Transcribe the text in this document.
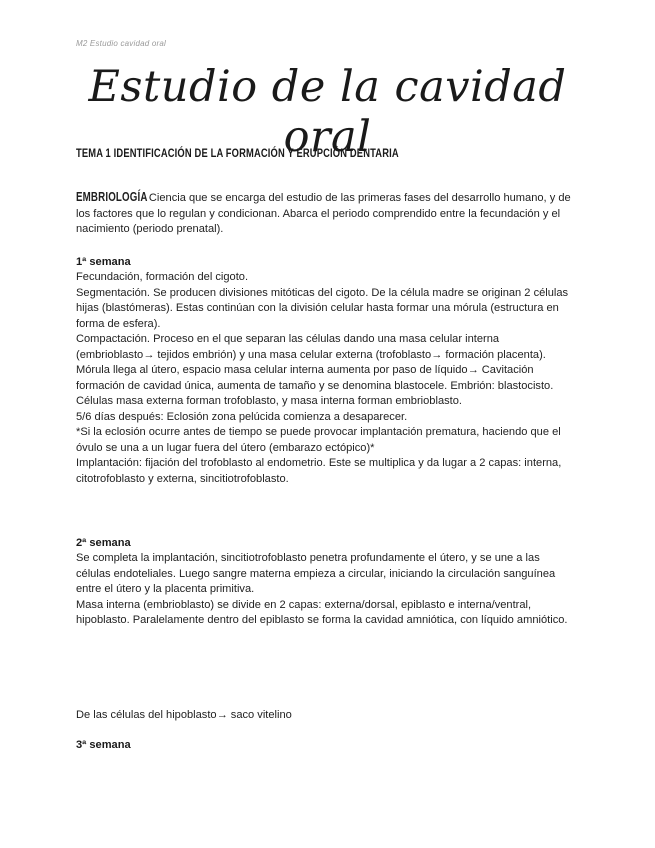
M2 Estudio cavidad oral
Estudio de la cavidad oral
TEMA 1 IDENTIFICACIÓN DE LA FORMACIÓN Y ERUPCIÓN DENTARIA
EMBRIOLOGÍA Ciencia que se encarga del estudio de las primeras fases del desarrollo humano, y de los factores que lo regulan y condicionan. Abarca el periodo comprendido entre la fecundación y el nacimiento (periodo prenatal).
1ª semana

Fecundación, formación del cigoto.

Segmentación. Se producen divisiones mitóticas del cigoto. De la célula madre se originan 2 células hijas (blastómeras). Estas continúan con la división celular hasta formar una mórula (estructura en forma de esfera).

Compactación. Proceso en el que separan las células dando una masa celular interna (embrioblasto→ tejidos embrión) y una masa celular externa (trofoblasto→ formación placenta).

Mórula llega al útero, espacio masa celular interna aumenta por paso de líquido→ Cavitación formación de cavidad única, aumenta de tamaño y se denomina blastocele. Embrión: blastocisto.

Células masa externa forman trofoblasto, y masa interna forman embrioblasto.

5/6 días después: Eclosión zona pelúcida comienza a desaparecer.

*Si la eclosión ocurre antes de tiempo se puede provocar implantación prematura, haciendo que el óvulo se una a un lugar fuera del útero (embarazo ectópico)*

Implantación: fijación del trofoblasto al endometrio. Este se multiplica y da lugar a 2 capas: interna, citotrofoblasto y externa, sincitiotrofoblasto.

2ª semana

Se completa la implantación, sincitiotrofoblasto penetra profundamente el útero, y se une a las células endoteliales. Luego sangre materna empieza a circular, iniciando la circulación sanguínea entre el útero y la placenta primitiva.

Masa interna (embrioblasto) se divide en 2 capas: externa/dorsal, epiblasto e interna/ventral, hipoblasto. Paralelamente dentro del epiblasto se forma la cavidad amniótica, con líquido amniótico.

De las células del hipoblasto→ saco vitelino
3ª semana
